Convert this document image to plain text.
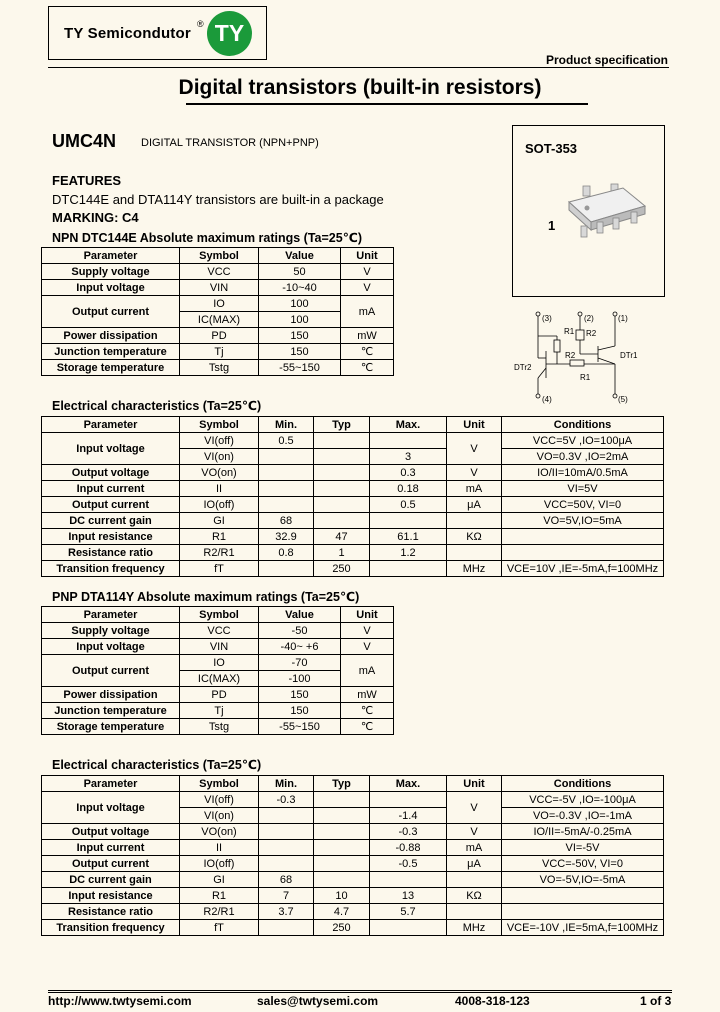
TY Semicondutor
® TY
Product specification
Digital transistors (built-in resistors)
UMC4N DIGITAL TRANSISTOR (NPN+PNP)
FEATURES
DTC144E and DTA114Y transistors are built-in a package
MARKING: C4
SOT-353
1
(3)	(2)	(1)
(4)	(5)
R1 R2
R2
R1
DTr2
DTr1
NPN DTC144E Absolute maximum ratings (Ta=25℃)
Parameter	Symbol	Value	Unit
Supply voltage	VCC	50	V
Input voltage	VIN	-10~40	V
Output current	IO	100	mA
	IC(MAX)	100	
Power dissipation	PD	150	mW
Junction temperature	Tj	150	℃
Storage temperature	Tstg	-55~150	℃
Electrical characteristics (Ta=25℃)
Parameter	Symbol	Min.	Typ	Max.	Unit	Conditions
Input voltage	VI(off)	0.5			V	VCC=5V ,IO=100μA
	VI(on)			3		VO=0.3V ,IO=2mA
Output voltage	VO(on)			0.3	V	IO/II=10mA/0.5mA
Input current	II			0.18	mA	VI=5V
Output current	IO(off)			0.5	μA	VCC=50V, VI=0
DC current gain	GI	68				VO=5V,IO=5mA
Input resistance	R1	32.9	47	61.1	KΩ	
Resistance ratio	R2/R1	0.8	1	1.2		
Transition frequency	fT		250		MHz	VCE=10V ,IE=-5mA,f=100MHz
PNP DTA114Y Absolute maximum ratings (Ta=25℃)
Parameter	Symbol	Value	Unit
Supply voltage	VCC	-50	V
Input voltage	VIN	-40~ +6	V
Output current	IO	-70	mA
	IC(MAX)	-100	
Power dissipation	PD	150	mW
Junction temperature	Tj	150	℃
Storage temperature	Tstg	-55~150	℃
Electrical characteristics (Ta=25℃)
Parameter	Symbol	Min.	Typ	Max.	Unit	Conditions
Input voltage	VI(off)	-0.3			V	VCC=-5V ,IO=-100μA
	VI(on)			-1.4		VO=-0.3V ,IO=-1mA
Output voltage	VO(on)			-0.3	V	IO/II=-5mA/-0.25mA
Input current	II			-0.88	mA	VI=-5V
Output current	IO(off)			-0.5	μA	VCC=-50V, VI=0
DC current gain	GI	68				VO=-5V,IO=-5mA
Input resistance	R1	7	10	13	KΩ	
Resistance ratio	R2/R1	3.7	4.7	5.7		
Transition frequency	fT		250		MHz	VCE=-10V ,IE=5mA,f=100MHz
http://www.twtysemi.com	sales@twtysemi.com	4008-318-123	1 of 3
